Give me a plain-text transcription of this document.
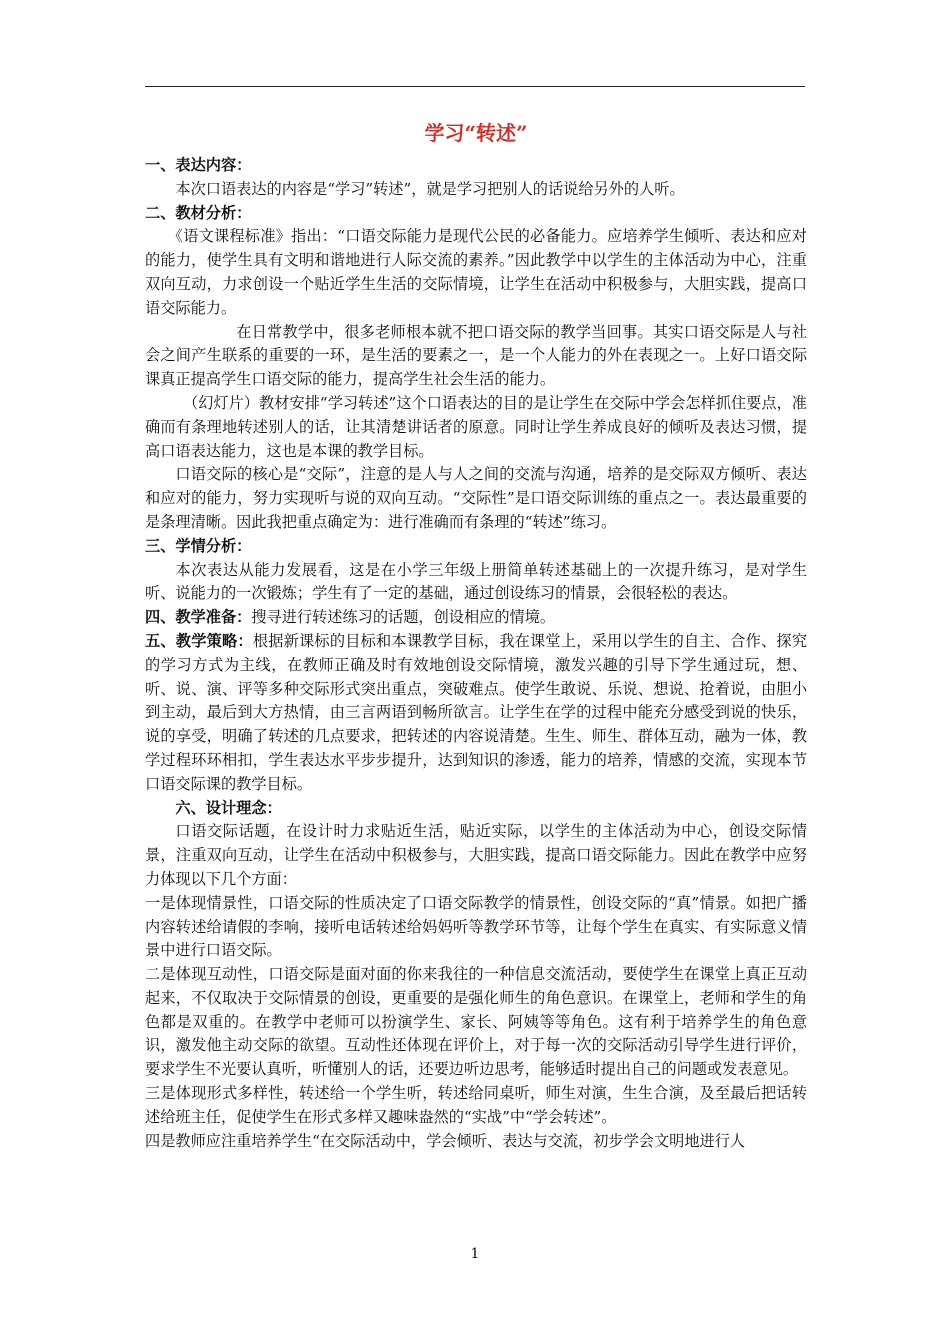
学习“转述”
一、表达内容：
本次口语表达的内容是“学习”转述”，就是学习把别人的话说给另外的人听。
二、教材分析：
《语文课程标准》指出：“口语交际能力是现代公民的必备能力。应培养学生倾听、表达和应对的能力，使学生具有文明和谐地进行人际交流的素养。”因此教学中以学生的主体活动为中心，注重双向互动，力求创设一个贴近学生生活的交际情境，让学生在活动中积极参与，大胆实践，提高口语交际能力。
在日常教学中，很多老师根本就不把口语交际的教学当回事。其实口语交际是人与社会之间产生联系的重要的一环，是生活的要素之一，是一个人能力的外在表现之一。上好口语交际课真正提高学生口语交际的能力，提高学生社会生活的能力。
（幻灯片）教材安排“学习转述”这个口语表达的目的是让学生在交际中学会怎样抓住要点，准确而有条理地转述别人的话，让其清楚讲话者的原意。同时让学生养成良好的倾听及表达习惯，提高口语表达能力，这也是本课的教学目标。
口语交际的核心是“交际”，注意的是人与人之间的交流与沟通，培养的是交际双方倾听、表达和应对的能力，努力实现听与说的双向互动。“交际性”是口语交际训练的重点之一。表达最重要的是条理清晰。因此我把重点确定为：进行准确而有条理的“转述”练习。
三、学情分析：
本次表达从能力发展看，这是在小学三年级上册简单转述基础上的一次提升练习，是对学生听、说能力的一次锻炼；学生有了一定的基础，通过创设练习的情景，会很轻松的表达。
四、教学准备：搜寻进行转述练习的话题，创设相应的情境。
五、教学策略：根据新课标的目标和本课教学目标，我在课堂上，采用以学生的自主、合作、探究的学习方式为主线，在教师正确及时有效地创设交际情境，激发兴趣的引导下学生通过玩，想、听、说、演、评等多种交际形式突出重点，突破难点。使学生敢说、乐说、想说、抢着说，由胆小到主动，最后到大方热情，由三言两语到畅所欲言。让学生在学的过程中能充分感受到说的快乐，说的享受，明确了转述的几点要求，把转述的内容说清楚。生生、师生、群体互动，融为一体，教学过程环环相扣，学生表达水平步步提升，达到知识的渗透，能力的培养，情感的交流，实现本节口语交际课的教学目标。
六、设计理念：
口语交际话题，在设计时力求贴近生活，贴近实际，以学生的主体活动为中心，创设交际情景，注重双向互动，让学生在活动中积极参与，大胆实践，提高口语交际能力。因此在教学中应努力体现以下几个方面：
一是体现情景性，口语交际的性质决定了口语交际教学的情景性，创设交际的“真”情景。如把广播内容转述给请假的李响，接听电话转述给妈妈听等教学环节等，让每个学生在真实、有实际意义情景中进行口语交际。
二是体现互动性，口语交际是面对面的你来我往的一种信息交流活动，要使学生在课堂上真正互动起来，不仅取决于交际情景的创设，更重要的是强化师生的角色意识。在课堂上，老师和学生的角色都是双重的。在教学中老师可以扮演学生、家长、阿姨等等角色。这有利于培养学生的角色意识，激发他主动交际的欲望。互动性还体现在评价上，对于每一次的交际活动引导学生进行评价，要求学生不光要认真听，听懂别人的话，还要边听边思考，能够适时提出自己的问题或发表意见。
三是体现形式多样性，转述给一个学生听，转述给同桌听，师生对演，生生合演，及至最后把话转述给班主任，促使学生在形式多样又趣味盎然的“实战”中“学会转述”。
四是教师应注重培养学生“在交际活动中，学会倾听、表达与交流，初步学会文明地进行人
1
